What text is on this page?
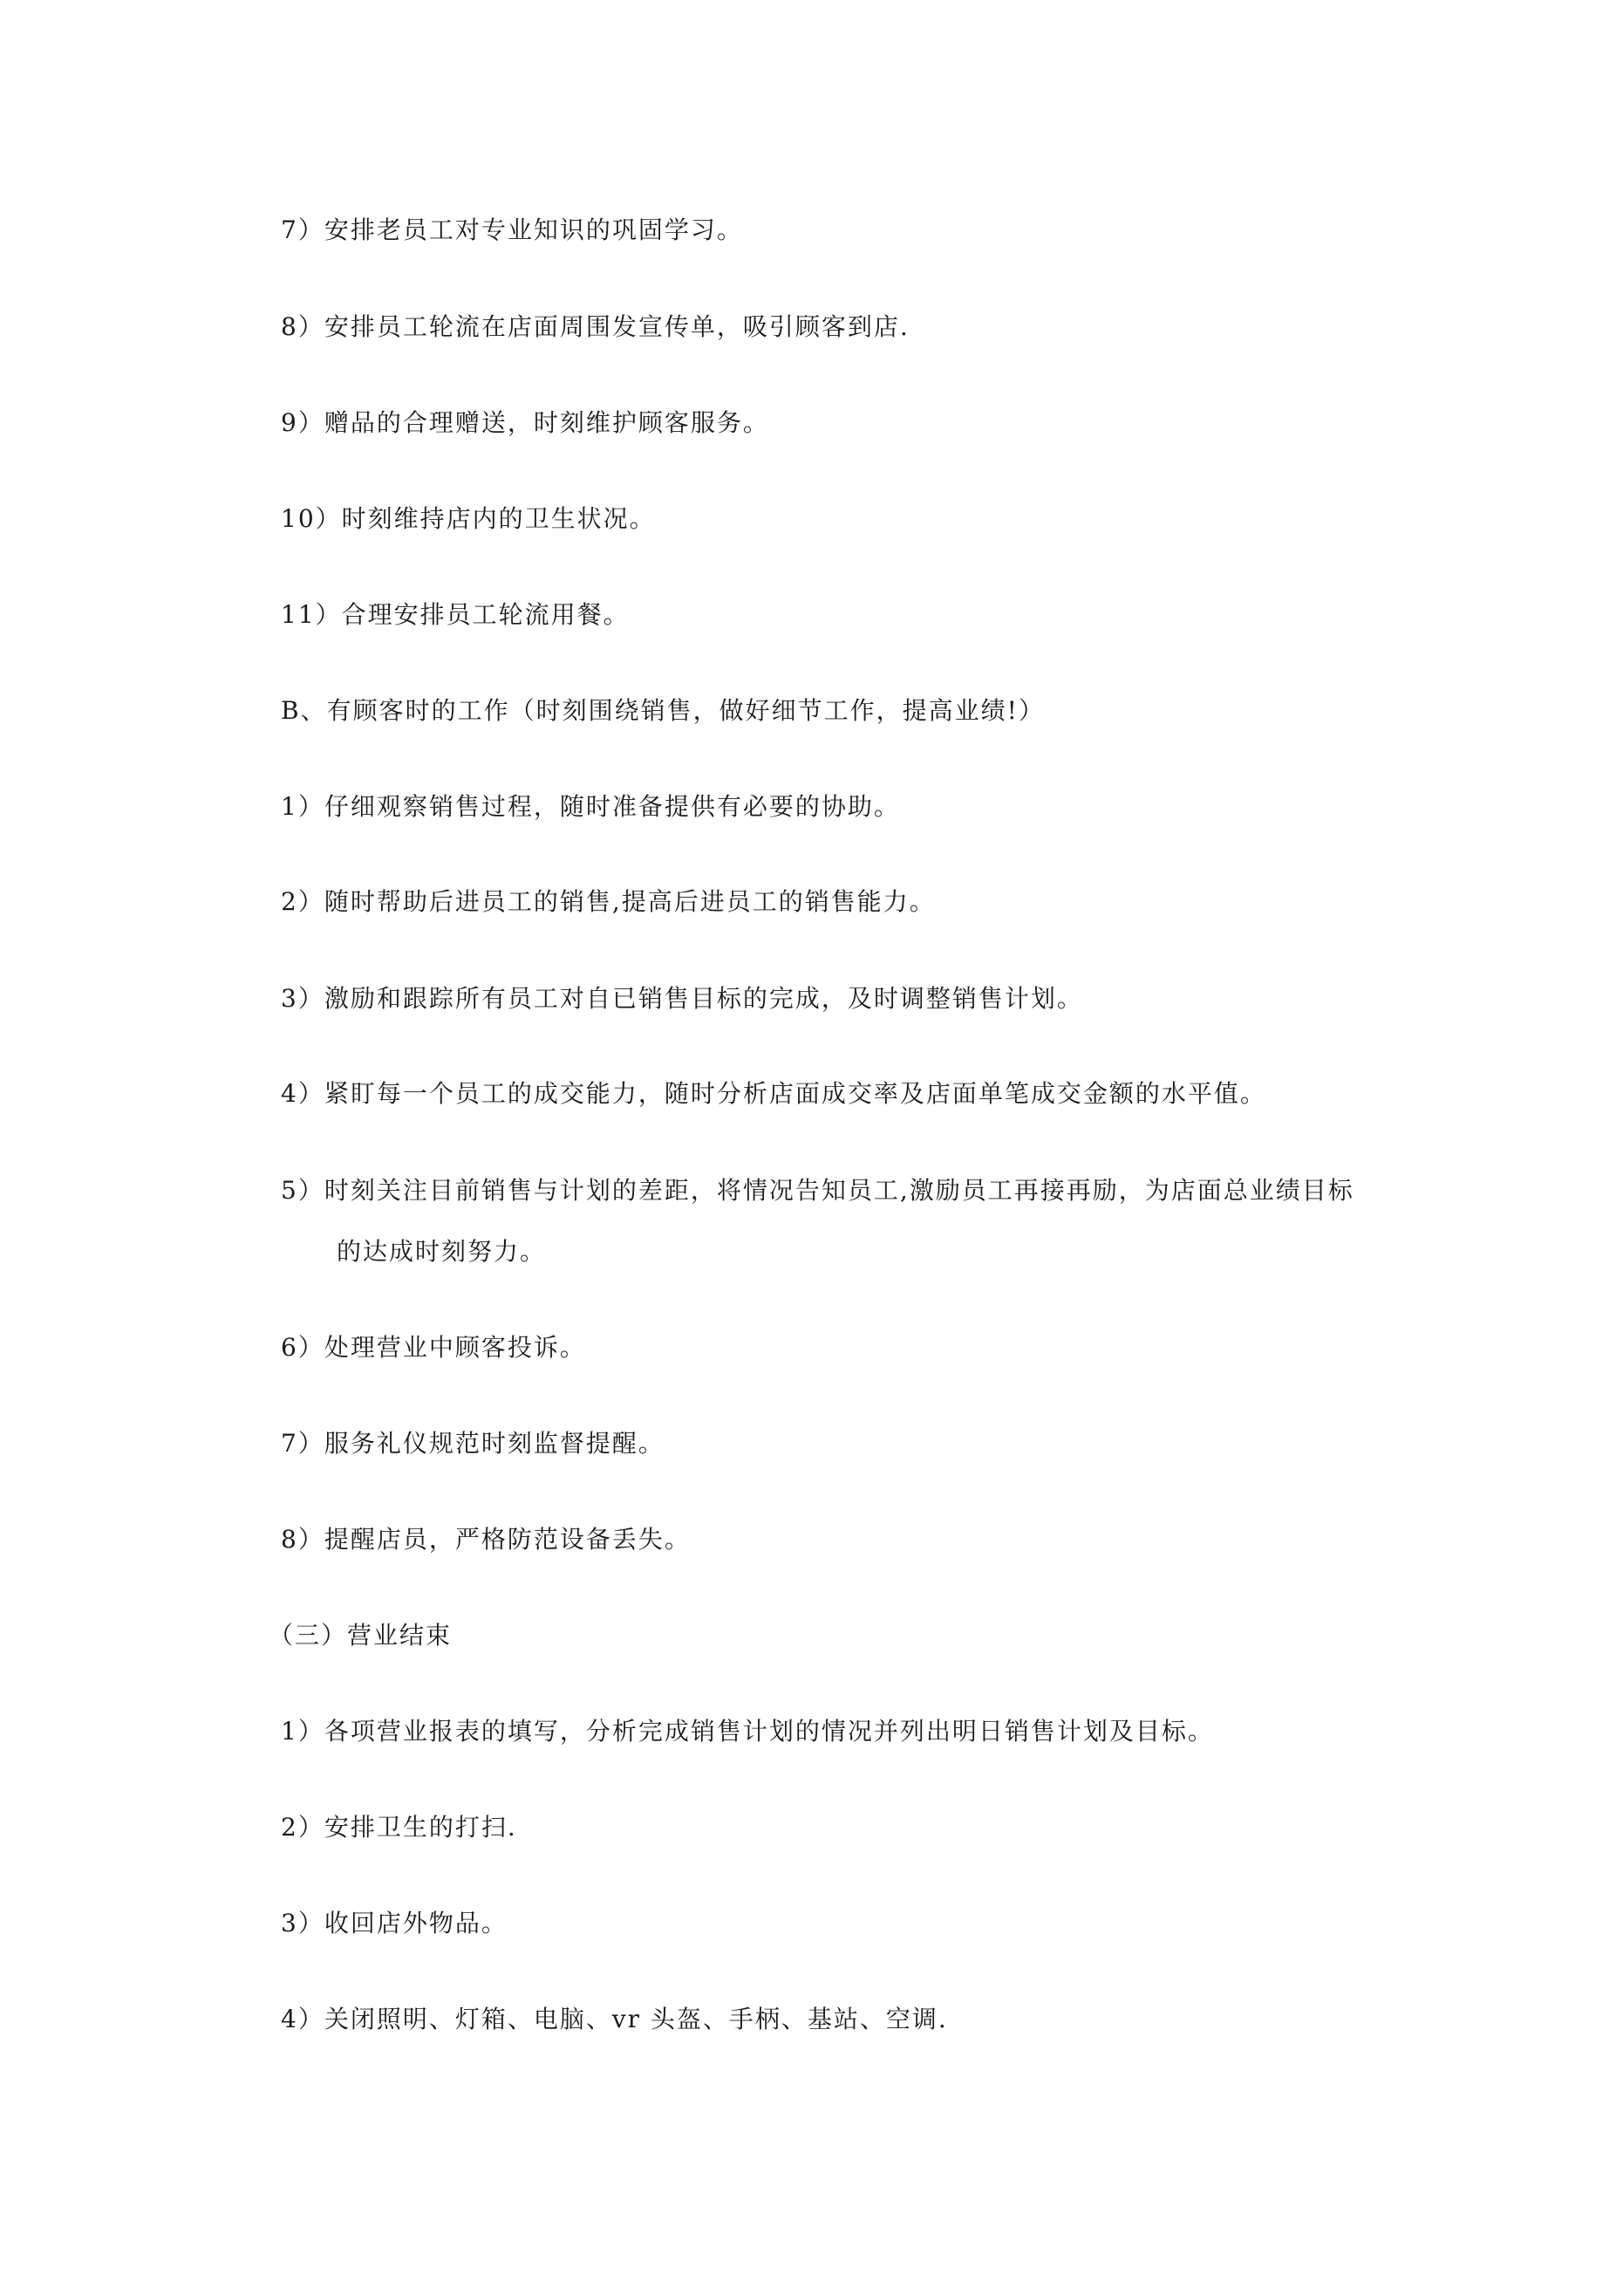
7）安排老员工对专业知识的巩固学习。
8）安排员工轮流在店面周围发宣传单，吸引顾客到店.
9）赠品的合理赠送，时刻维护顾客服务。
10）时刻维持店内的卫生状况。
11）合理安排员工轮流用餐。
B、有顾客时的工作（时刻围绕销售，做好细节工作，提高业绩!）
1）仔细观察销售过程，随时准备提供有必要的协助。
2）随时帮助后进员工的销售,提高后进员工的销售能力。
3）激励和跟踪所有员工对自已销售目标的完成，及时调整销售计划。
4）紧盯每一个员工的成交能力，随时分析店面成交率及店面单笔成交金额的水平值。
5）时刻关注目前销售与计划的差距，将情况告知员工,激励员工再接再励，为店面总业绩目标
的达成时刻努力。
6）处理营业中顾客投诉。
7）服务礼仪规范时刻监督提醒。
8）提醒店员，严格防范设备丢失。
（三）营业结束
1）各项营业报表的填写，分析完成销售计划的情况并列出明日销售计划及目标。
2）安排卫生的打扫.
3）收回店外物品。
4）关闭照明、灯箱、电脑、vr 头盔、手柄、基站、空调.
